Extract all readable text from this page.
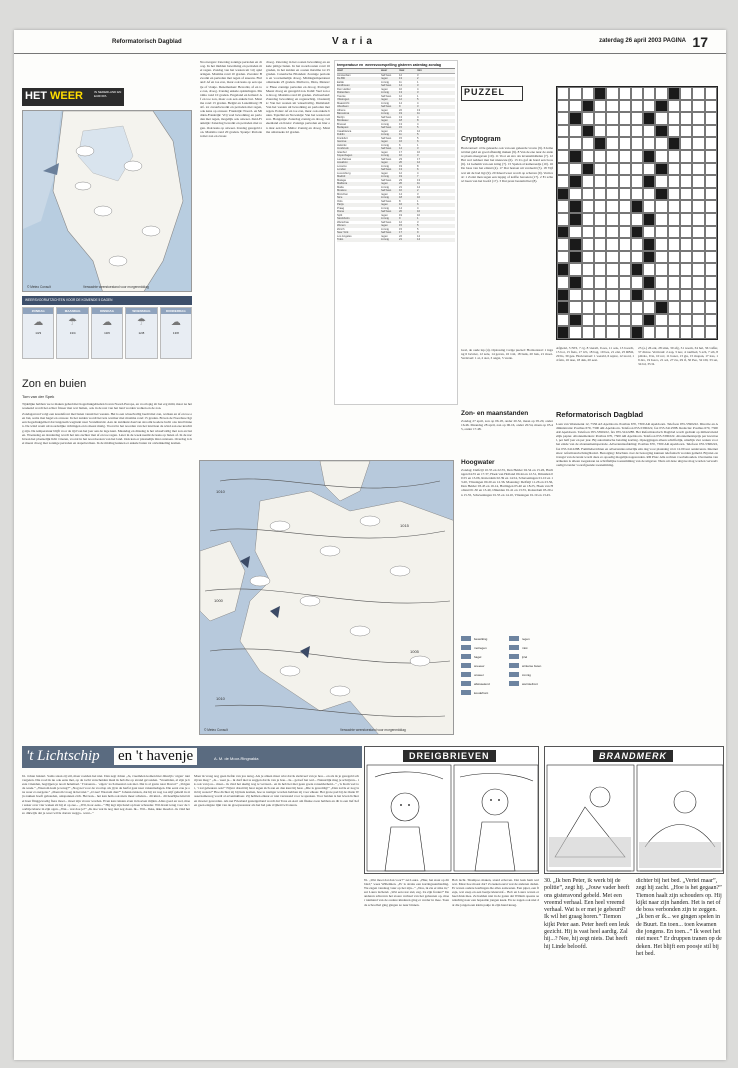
Reformatorisch Dagblad	Varia	zaterdag 26 april 2003 PAGINA 17
HET WEER	IN NEDERLAND EN EUROPA
© Meteo Consult	Verwachte weerstoestand voor morgenmiddag
WEERSVOORUITZICHTEN VOOR DE KOMENDE 5 DAGEN
ZONDAG
☁
13/3
MAANDAG
☂
13/4
DINSDAG
☁
13/6
WOENSDAG
☂
12/8
DONDERDAG
☁
13/8
Zon en buien
Tom van der Spek

Tijdelijke hebben we te maken gehad met hogedrukgebieden boven Noord-Europa, en voorlopig zit het erg mild, maar na het weekend wordt het echter frisser met wat buiten, ook in de rest van het land worden wolken en de zon.

Zondagavond volgt een koudefront met buien vanuit het westen. Het is een wisselvallig beeld met zon, wolken en af en toe een bui, soms met hagel en onweer. In het zuiden wordt het iets warmer met maxima rond 15 graden. Boven de Noordzee ligt een hogedrukgebied dat langzaam wegtrekt naar Scandinavië. Aan de zuidkant daarvan stroomt koelere lucht ons land binnen. De wind waait uit noordelijke richtingen en is meest matig. Vooral in het noorden van het land kan de wind aan zee krachtig zijn. De temperatuur blijft voor de tijd van het jaar aan de lage kant. Maandag en dinsdag is het wisselvallig met zon en buien. Woensdag en donderdag wordt het iets zachter met af en toe regen. Later in de week neemt de kans op buien af. In de nacht kan het plaatselijk licht vriezen, vooral in het noordoosten van het land. Ook kan er plaatselijk mist ontstaan. Overdag is het meest droog met zonnige perioden en stapelwolken. In de middag kunnen er enkele buien tot ontwikkeling komen.

Noorwegen: Zaterdag zonnige perioden en droog. In het midden bewolking en perioden met regen. Zondag van het westen uit vrij opklaringen. Maxima rond 10 graden. Zweden: Bewolkt en perioden met regen of sneeuw. Finland: Af en toe zon, maar ook kans op een spatje of vlokje. Denemarken: Bewolkt, af en toe zon, droog. Zondag enkele opklaringen. Maxima rond 10 graden. Engeland en Ierland: Af en toe zon, maar ook een enkele bui. Maxima rond 13 graden. België en Luxemburg: Half- tot zwaarbewolkt en perioden met regen, ook kans op onweer. Frankrijk: Noord- en Midden-Frankrijk: Vrij veel bewolking en perioden met regen, mogelijk ook onweer. Zuid-Frankrijk: Zaterdag bewolkt en perioden met regen. Ook kans op onweer. Zondag geregeld zon. Maxima rond 20 graden. Spanje: Perioden met zon en zwaar.
droog. Zaterdag in het oosten bewolking en enkele pittige buien. In het noordoosten rond 16 graden, in het zuiden en oosten maxima tot 25 graden. Canarische Eilanden: Zonnige perioden en voornamelijk droog. Middagtemperatuur omstreeks 23 graden. Mallorca, Ibiza, Menorca: Fikse zonnige perioden en droog. Portugal: Meest droog en geregeld zon. Italië: Veel zon en droog. Maxima rond 20 graden. Zwitserland: Zaterdag bewolking en regenachtig. Oostenrijk: Van het westen uit wisselvallig. Duitsland: Van het westen uit bewolking en perioden met regen. Polen: Af en toe zon, maar ook enkele buien. Tsjechië en Slowakije: Van het westen uit zon. Hongarije: Zaterdag zonnig en droog. Griekenland en Kreta: Zonnige perioden en hier en daar een bui. Malta: Zonnig en droog. Maxima omstreeks 22 graden.
temperatuur en weersvoorspelling gisteren zaterdag zondag
stad	weer	max	min
Amsterdam	half bew.	12	3
De Bilt	regen	13	2
Eelde	zonnig	11	1
Eindhoven	half bew.	14	3
Den Helder	regen	10	4
Rotterdam	zonnig	13	3
Twente	half bew.	12	1
Vlissingen	regen	12	5
Maastricht	zonnig	14	4
Aberdeen	half bew.	9	3
Athene	regen	22	13
Barcelona	zonnig	19	11
Berlijn	half bew.	13	4
Bordeaux	regen	18	8
Brussel	zonnig	13	4
Budapest	half bew.	15	5
Casablanca	regen	21	12
Dublin	zonnig	11	5
Frankfurt	half bew.	15	5
Genève	regen	16	6
Helsinki	zonnig	6	1
Innsbruck	half bew.	14	3
Istanbul	regen	17	10
Kopenhagen	zonnig	10	3
Las Palmas	half bew.	23	17
Lissabon	regen	20	12
Locarno	zonnig	19	8
Londen	half bew.	13	6
Luxemburg	regen	12	4
Madrid	zonnig	19	7
Malaga	half bew.	23	13
Mallorca	regen	20	11
Malta	zonnig	21	14
Moskou	half bew.	10	2
München	regen	14	3
Nice	zonnig	18	10
Oslo	half bew.	8	1
Parijs	regen	16	6
Praag	zonnig	14	4
Rome	half bew.	20	10
Split	regen	19	10
Stockholm	zonnig	9	1
Warschau	half bew.	12	3
Wenen	regen	15	5
Zürich	zonnig	15	5
New York	half bew.	17	9
Los Angeles	regen	22	14
Tokio	zonnig	21	14
PUZZEL
Cryptogram
Horizontaal: 4 De geleerde ook van een geleerde vrouw (9). 6 Iemand met geld en goed afhandig maken (9). 8 Van de ene naar de andere plaats meegeven (10). 11 Voor en stro als levensmiddelen (7). 12 Het wel reddeer met het nieuwste (6). 13 Zo gaf de hond een boos (6). 14 Geheim van een kring (7). 15 Spelen al kameraadje (10). 16 De baas van het eiland (4). 17 Dat bestaat uit verdeeld (5). 18 Vijf wat uit de bad ligt (9). 20 Kleed waar wordt op schaven (9). Verticaal: 1 Zodat men tegen een lappig of koffie beroeten (17). 2 Er schuwt heen van het hoofd (17). 3 Dat praat bestemd het (8).
Grel, de oude lap (4). Oplossing vorige puzzel: Horizontaal: 1 ingang 6 bevrier, 12 zele, 14 geven, 16 volt, 18 buik, 20 bak, 21 mooi. Verticaal: 1 ai, 2 ster, 3 angst, 5 vrede.
Afgietsl, 3 NTI, 7 cg. 8 vierall, 9 ees, 11 ook, 13 boordt, 15 bot, 15 fiets, 17 ivb, 18 bag, 19 bes, 21 elst, 25 RBO, 29 lis, 30 geu. Horizontaal: 1 wereld, 6 reptsr, 12 taord, 14 fain, 16 tase, 18 dak, 20 eest.
23 (a.) 26 ent, 28 sinn, 30 afg, 31 noom, 34 hel, 36 vaffer, 37 dicree. Verticaal: 2 aap, 3 nac, 4 roullied, 5 ach, 7 sib, 8 pilrolo, 9 in, 10 rev, 11 bazer, 13 gia, 15 mopan, 17 tres, 19 dro, 19 Isaco, 21 sol, 27 ria, 29 if, 30 Peo, 32 Oll, 33 sst, 34 bd, 35 bl.
Zon- en maanstanden
Zondag 27 april, zon op 06.18, onder 20.52, maan op 05.20, onder 16.46. Maandag 28 april, zon op 06.16, onder 20.54, maan op 05.45, onder 17.48.
Hoogwater
Zondag: Delfzijl 10.35 en 22.55, Den Helder 02.54 en 15.26, Harlingen 04.55 en 17.37, Hoek van Holland 00.44 en 12.51, IJmuiden 00.55 en 13.06, Rotterdam 02.39 en 14.54, Scheveningen 01.10 en 13.20, Vlissingen 00.20 en 12.36. Maandag: Delfzijl 11.26 en 23.36, Den Helder 03.45 en 16.14, Harlingen 05.40 en 18.25, Hoek van Holland 01.30 en 13.40, IJmuiden 01.41 en 13.55, Rotterdam 03.29 en 15.35, Scheveningen 01.55 en 14.10, Vlissingen 01.19 en 13.45.
Reformatorisch Dagblad
Laan van Westenenk 12, 7336 AZ Apeldoorn. Postbus 670, 7300 AR Apeldoorn. Telefoon 055-5390222. Directie en Administratie: Postbus 670, 7300 AR Apeldoorn. Telefoon 055-5390222, fax 055-5412588. Redactie: Postbus 670, 7300 AR Apeldoorn. Telefoon 055-5390222, fax 055-5412288. Het Reformatorisch Dagblad wordt gedrukt op milieuvriendelijk papier. Abonnementen: Postbus 670, 7300 AR Apeldoorn. Telefoon 055-5390222. Abonnementsprijs per kwartaal, per half jaar en per jaar. Bij automatische betaling korting. Opzeggingen alleen schriftelijk, uiterlijk vier weken voor het einde van de abonnementsperiode. Advertentieafdeling: Postbus 670, 7300 AR Apeldoorn. Telefoon 055-5390222, fax 055-5412288. Familieberichten en advertenties uiterlijk één dag voor plaatsing vóór 12.00 uur aanleveren. Internetsites: reformatorischdagblad.nl. Bezorging: Klachten over de bezorging kunnen telefonisch worden gemeld. Bij niet-ontvangst van de krant wordt deze zo spoedig mogelijk nagezonden. RD Plus: Alle rechten voorbehouden. Overname van artikelen is alleen toegestaan na schriftelijke toestemming van de uitgever. Niets uit deze uitgave mag worden verveelvoudigd zonder voorafgaande toestemming.
1010
1015
1000
1005
1010
© Meteo Consult	Verwachte weerstoestand voor morgenmiddag
bewolking	regen
motregen	mist
hagel	ijzel
sneeuw	winterse buien
onweer	zonnig
afwisselend	warmtefront
koudefront
't Lichtschip en 't havenje	A. M. de Moor-Ringnalda
61. Johan luistert. Soms staan zij stil, maar roeiden het niet. Dan zegt Johan „Ja, vreemden komen hier dikwijls ´eigen´ niet vergeten. Die rood ik nu ook eens met, op de tocht verscheiden maal ik heb die op strand gevonden. ´Vreemden, al zijn je beste vrienden, begrijpen je nooit helemaal.´ Trotseren... ´eigen´ toch meestal ook niet. Dat is al gauw naar Davos!” „Volgende week.” „Waarom kom je terug?” „Nog net voor de voorlop als jij in de herfst gaat naar vakantiedagen. Die eerst zou je ons weer zo nergens.” „Daarom vroeg ik het niet.” „O zee! Waarom dan?” Johann ruisten, dat hij tot nog toe stijf geheld in zijn zakken hoeft gehouden, ontspannen zich. Het kan... het kan hem ook niets meer schelen... dit kind... dit heerlijke kind met haar flinggevoelig fiere moet... moet zijn vrouw worden. Even kan ruisten even in hoeven mijlen. Alles goed en wel, maar zeker over vier weken zit hij al op zee... „Wil, hoor eens...” Hij legt zijn hand op haar schouder. Wil draait terug voor de voorbije klauw in zijn ogen. „Wat... wat doe je?” „Ik doe wat ik nog niet zeg doen. Ik... Wil... Ikke, ikke moedor.. ik vind het zo dikwijls dat je weet wil ik dorren wegga.. want...”
Maar ik vraag nog geen liefde van jou terug. Als je alleen maar wist dat ik zielsveel van je hou... en als ik je geregeld schrijven mag.” „Ja... weet je... ik durf niet te zeggen dat ik van je hou... ik... geloof het wel... Natuurlijk mag je schrijven... ik ook van jou... maar... ik vind het akelig nog te verraad... en ik heb het met geen goeie ronselderheid...” „´k Kom wel tot, ´t zal gebeuren ook!” Nijver draait hij haar tegen zich aan en dan kust hij haar. „Die is geweldig!” „Dan zal ik er nog lam bij wezen!” Hoe dichter zij bij huis komen, hoe te rustiger worden hebben zij voor elkaar. Het grote pad bij de Oude Wasserzameweg wordt al erveninkbaar. Zij hebben elkaar er niet verstaand voor te spreken. Voor beiden is het leven lichter en mooier geworden. Als net Friesland gesteigerland wordt dat Tons en Aart om fikske zoon hebben en dit is een lief lief en geen enigste lijkt van de groepveestaar als het hel pak vrijheid wil sieren.
DREIGBRIEVEN	BRANDMERK
81. „Wat moet dat dan voor?” zei Laura. „Hier, het staat op dit blad,” wees Willemien. „Er is straks een kortingsaanbieding. We zagen vandaag vuur op het zijn...” „Nou, ik zie er niks in,” zei Laura lachend. „Wat een raar stel, zeg. Ze zijn freaks!” De anderen schreven het stoere verhaal van het gebeuren op, maar niemand van de oudere kinderen ging er verder in mee. Toen de schoolbel ging gingen ze naar binnen.
Bob lacht. Shampoo maken, stond erboven. Dat leek hem wel wat. Maar hoe moest dat? Zo keken eerst wat de anderen deden. Er waren oudere leerlingen die alles aanwezen. Een pipet, een flesje, wat zeep en een beetje kleurstof... Bob en Laura waren er heel druk mee. Ze hadden niet in de gaten dat Willem opeens aandachtig naar een bepaalde jongen keek. En ze zagen ook niet dat die jongen een klein pakje in zijn hand kreeg.
30. „Ik ben Peter, ik werk bij de politie”, zegt hij. „Jouw vader heeft ons gisteravond gebeld. Met een vreemd verhaal. Een heel vreemd verhaal. Wat is er met je gebeurd? Ik wil het graag horen.” Tiemon kijkt Peter aan. Peter heeft een leuk gezicht. Hij is vast heel aardig. Zal hij...? Nee, hij zegt niets. Dat heeft hij Linde beloofd.
dichter bij het bed. „Vertel maar”, zegt hij zacht. „Hoe is het gegaan?” Tiemon haalt zijn schouders op. Hij kijkt naar zijn handen. Het is net of de boss verbonden zijn te zeggen. „Ik ben er ik... we gingen spelen in de Buurt. En toen... toen kwamen die jongens. En toen...” Ik weet het niet meer.” Er druppen tranen op de deken. Het blijft een poosje stil bij het bed.
